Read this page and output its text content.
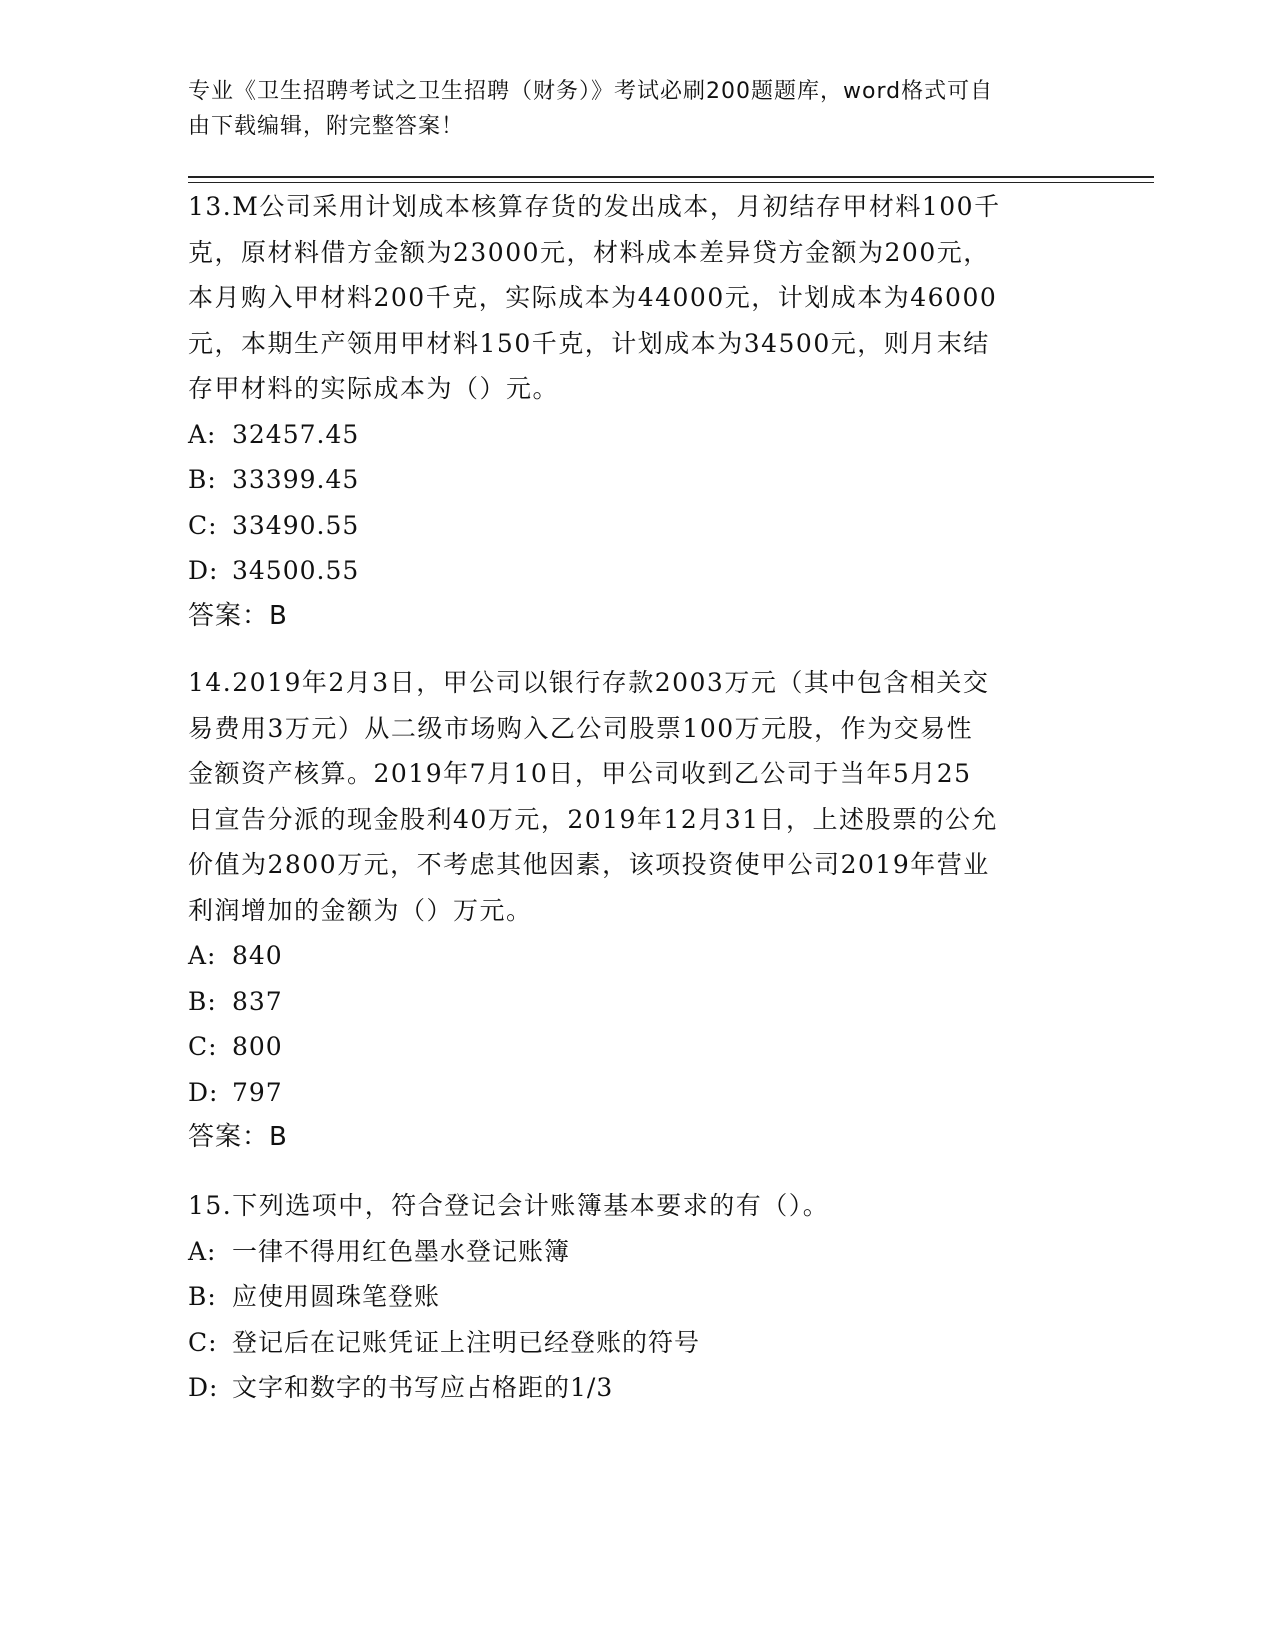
专业《卫生招聘考试之卫生招聘（财务）》考试必刷200题题库，word格式可自
由下载编辑，附完整答案！

13.M公司采用计划成本核算存货的发出成本，月初结存甲材料100千

克，原材料借方金额为23000元，材料成本差异贷方金额为200元，

本月购入甲材料200千克，实际成本为44000元，计划成本为46000

元，本期生产领用甲材料150千克，计划成本为34500元，则月末结

存甲材料的实际成本为（）元。

A: 32457.45

B: 33399.45

C: 33490.55

D: 34500.55

答案：B

14.2019年2月3日，甲公司以银行存款2003万元（其中包含相关交

易费用3万元）从二级市场购入乙公司股票100万元股，作为交易性

金额资产核算。2019年7月10日，甲公司收到乙公司于当年5月25

日宣告分派的现金股利40万元，2019年12月31日，上述股票的公允

价值为2800万元，不考虑其他因素，该项投资使甲公司2019年营业

利润增加的金额为（）万元。

A: 840

B: 837

C: 800

D: 797

答案：B

15.下列选项中，符合登记会计账簿基本要求的有（）。

A: 一律不得用红色墨水登记账簿

B: 应使用圆珠笔登账

C: 登记后在记账凭证上注明已经登账的符号

D: 文字和数字的书写应占格距的1/3
